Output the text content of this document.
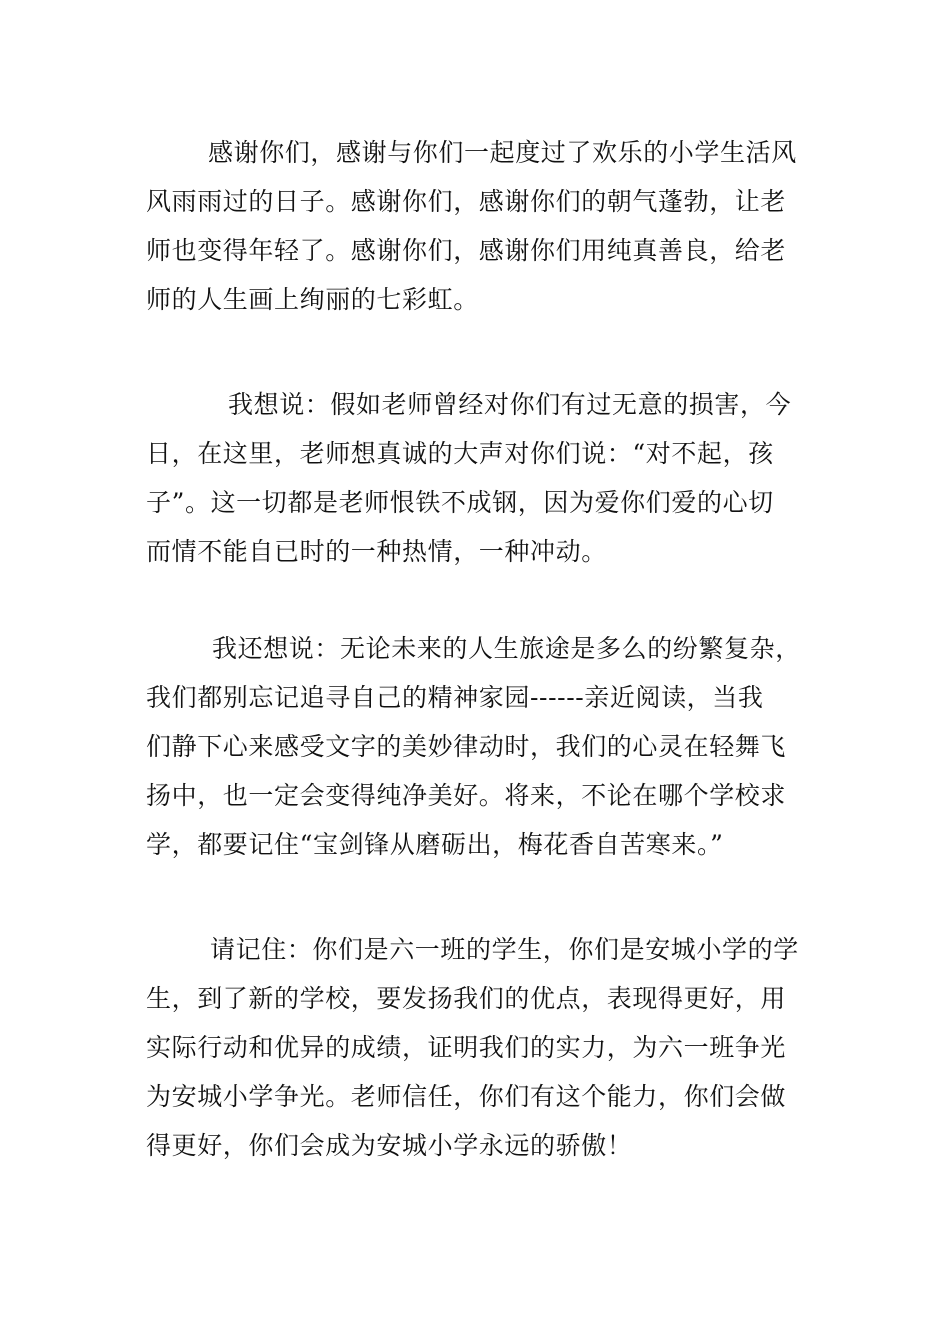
感谢你们，感谢与你们一起度过了欢乐的小学生活风
风雨雨过的日子。感谢你们，感谢你们的朝气蓬勃，让老
师也变得年轻了。感谢你们，感谢你们用纯真善良，给老
师的人生画上绚丽的七彩虹。

我想说：假如老师曾经对你们有过无意的损害，今
日，在这里，老师想真诚的大声对你们说：“对不起，孩
子”。这一切都是老师恨铁不成钢，因为爱你们爱的心切
而情不能自已时的一种热情，一种冲动。

我还想说：无论未来的人生旅途是多么的纷繁复杂，
我们都别忘记追寻自己的精神家园------亲近阅读，当我
们静下心来感受文字的美妙律动时，我们的心灵在轻舞飞
扬中，也一定会变得纯净美好。将来，不论在哪个学校求
学，都要记住“宝剑锋从磨砺出，梅花香自苦寒来。”

请记住：你们是六一班的学生，你们是安城小学的学
生，到了新的学校，要发扬我们的优点，表现得更好，用
实际行动和优异的成绩，证明我们的实力，为六一班争光
为安城小学争光。老师信任，你们有这个能力，你们会做
得更好，你们会成为安城小学永远的骄傲！
